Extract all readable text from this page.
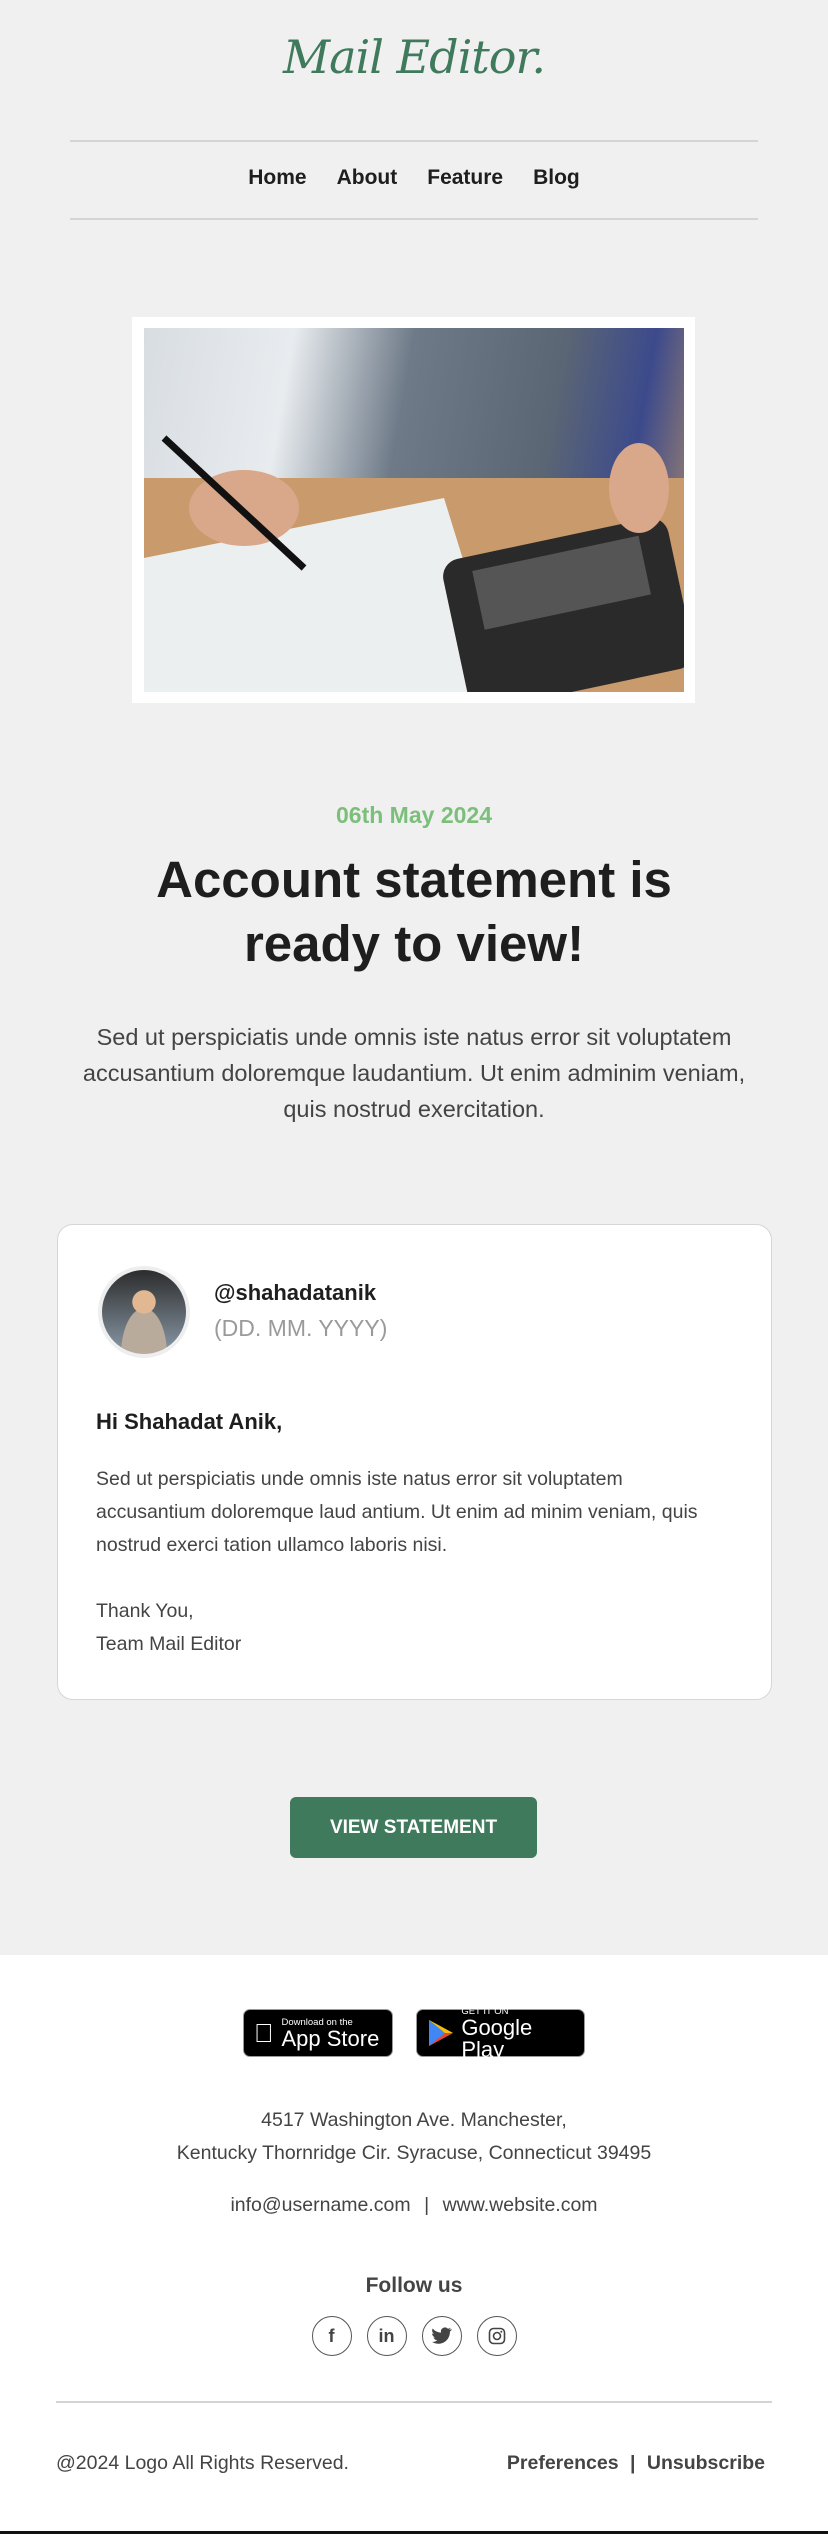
Mail Editor.
Home About Feature Blog
06th May 2024
Account statement is
ready to view!

Sed ut perspiciatis unde omnis iste natus error sit voluptatem accusantium doloremque laudantium. Ut enim adminim veniam, quis nostrud exercitation.

@shahadatanik
(DD. MM. YYYY)
Hi Shahadat Anik,

Sed ut perspiciatis unde omnis iste natus error sit voluptatem accusantium doloremque laud antium. Ut enim ad minim veniam, quis nostrud exerci tation ullamco laboris nisi.

Thank You,
Team Mail Editor
VIEW STATEMENT
Download on the
App Store
GET IT ON
Google Play
4517 Washington Ave. Manchester,
Kentucky Thornridge Cir. Syracuse, Connecticut 39495
info@username.com | www.website.com
Follow us
f	in
@2024 Logo All Rights Reserved.	Preferences | Unsubscribe
